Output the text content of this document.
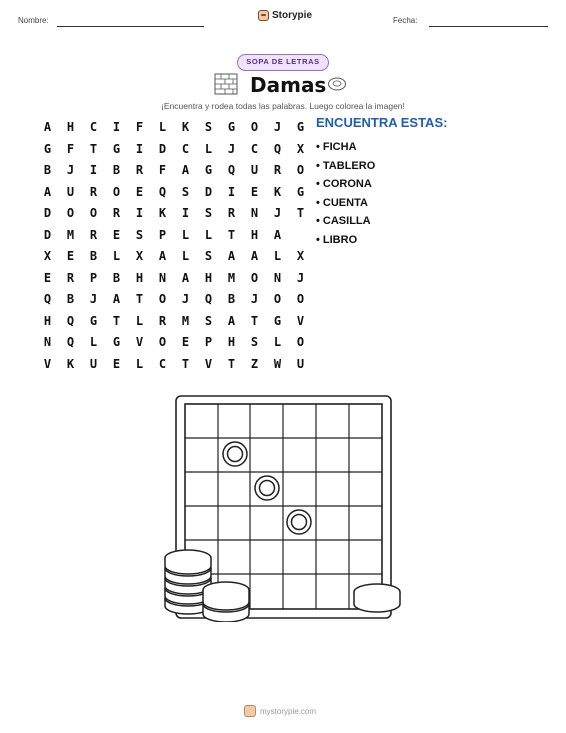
Nombre:	Storypie	Fecha:
SOPA DE LETRAS
Damas
¡Encuentra y rodea todas las palabras. Luego colorea la imagen!
A	H	C	I	F	L	K	S	G	O	J	G
G	F	T	G	I	D	C	L	J	C	Q	X
B	J	I	B	R	F	A	G	Q	U	R	O
A	U	R	O	E	Q	S	D	I	E	K	G
D	O	O	R	I	K	I	S	R	N	J	T
D	M	R	E	S	P	L	L	T	H	A
X	E	B	L	X	A	L	S	A	A	L	X
E	R	P	B	H	N	A	H	M	O	N	J
Q	B	J	A	T	O	J	Q	B	J	O	O
H	Q	G	T	L	R	M	S	A	T	G	V
N	Q	L	G	V	O	E	P	H	S	L	O
V	K	U	E	L	C	T	V	T	Z	W	U
ENCUENTRA ESTAS:
• FICHA
• TABLERO
• CORONA
• CUENTA
• CASILLA
• LIBRO
mystorypie.com
